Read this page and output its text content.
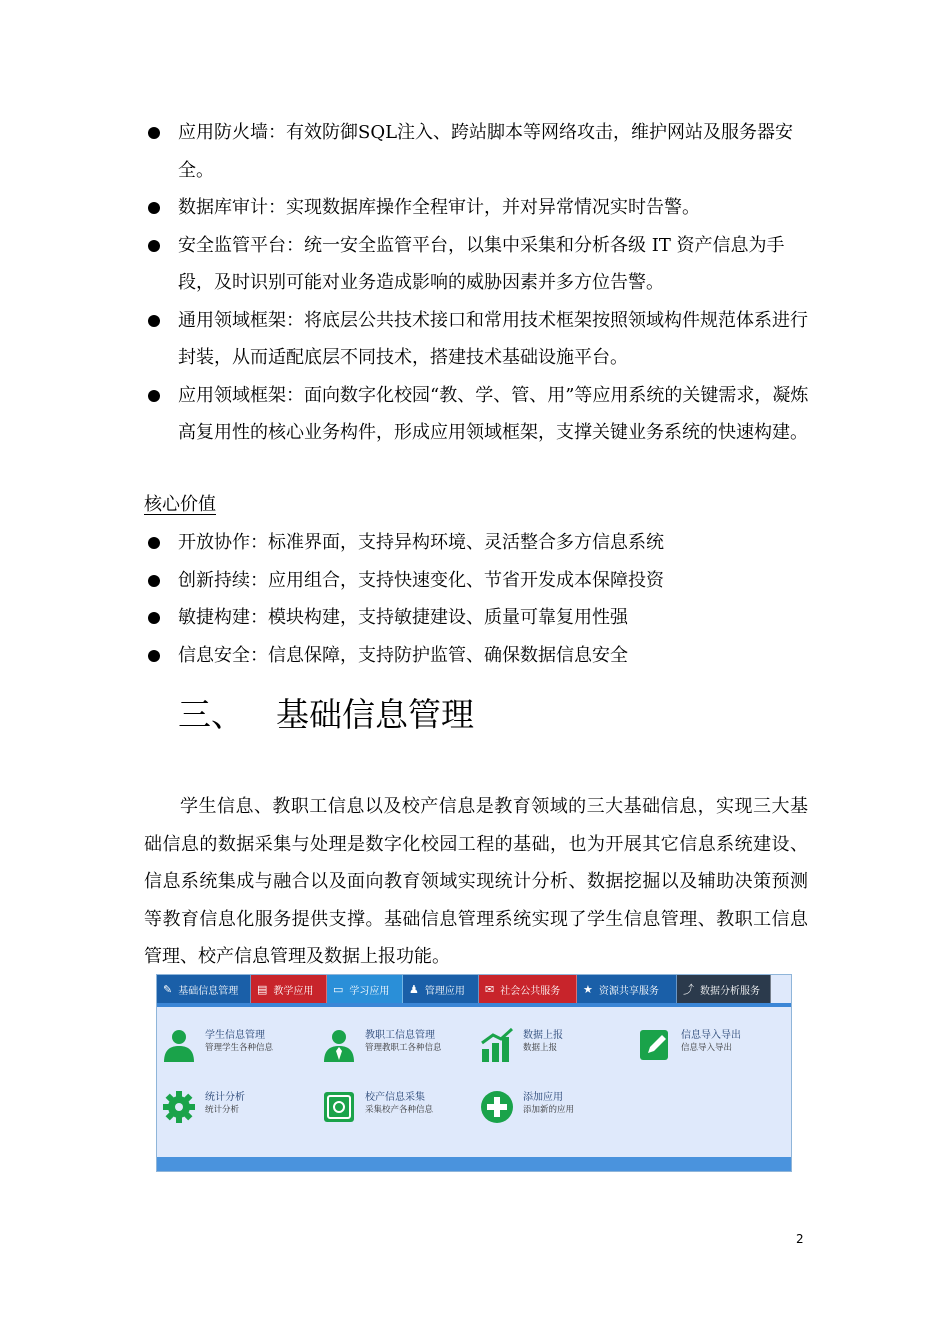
应用防火墙：有效防御SQL注入、跨站脚本等网络攻击，维护网站及服务器安全。
数据库审计：实现数据库操作全程审计，并对异常情况实时告警。
安全监管平台：统一安全监管平台，以集中采集和分析各级 IT 资产信息为手段，及时识别可能对业务造成影响的威胁因素并多方位告警。
通用领域框架：将底层公共技术接口和常用技术框架按照领域构件规范体系进行封装，从而适配底层不同技术，搭建技术基础设施平台。
应用领域框架：面向数字化校园“教、学、管、用”等应用系统的关键需求，凝炼高复用性的核心业务构件，形成应用领域框架，支撑关键业务系统的快速构建。
核心价值
开放协作：标准界面，支持异构环境、灵活整合多方信息系统
创新持续：应用组合，支持快速变化、节省开发成本保障投资
敏捷构建：模块构建，支持敏捷建设、质量可靠复用性强
信息安全：信息保障，支持防护监管、确保数据信息安全
三、 基础信息管理

学生信息、教职工信息以及校产信息是教育领域的三大基础信息，实现三大基础信息的数据采集与处理是数字化校园工程的基础，也为开展其它信息系统建设、信息系统集成与融合以及面向教育领域实现统计分析、数据挖掘以及辅助决策预测等教育信息化服务提供支撑。基础信息管理系统实现了学生信息管理、教职工信息管理、校产信息管理及数据上报功能。

✎ 基础信息管理 ▤ 教学应用 ▭ 学习应用 ♟ 管理应用 ✉ 社会公共服务 ★ 资源共享服务 ⤴ 数据分析服务
学生信息管理
管理学生各种信息
教职工信息管理
管理教职工各种信息
数据上报
数据上报
信息导入导出
信息导入导出
统计分析
统计分析
校产信息采集
采集校产各种信息
添加应用
添加新的应用
2
